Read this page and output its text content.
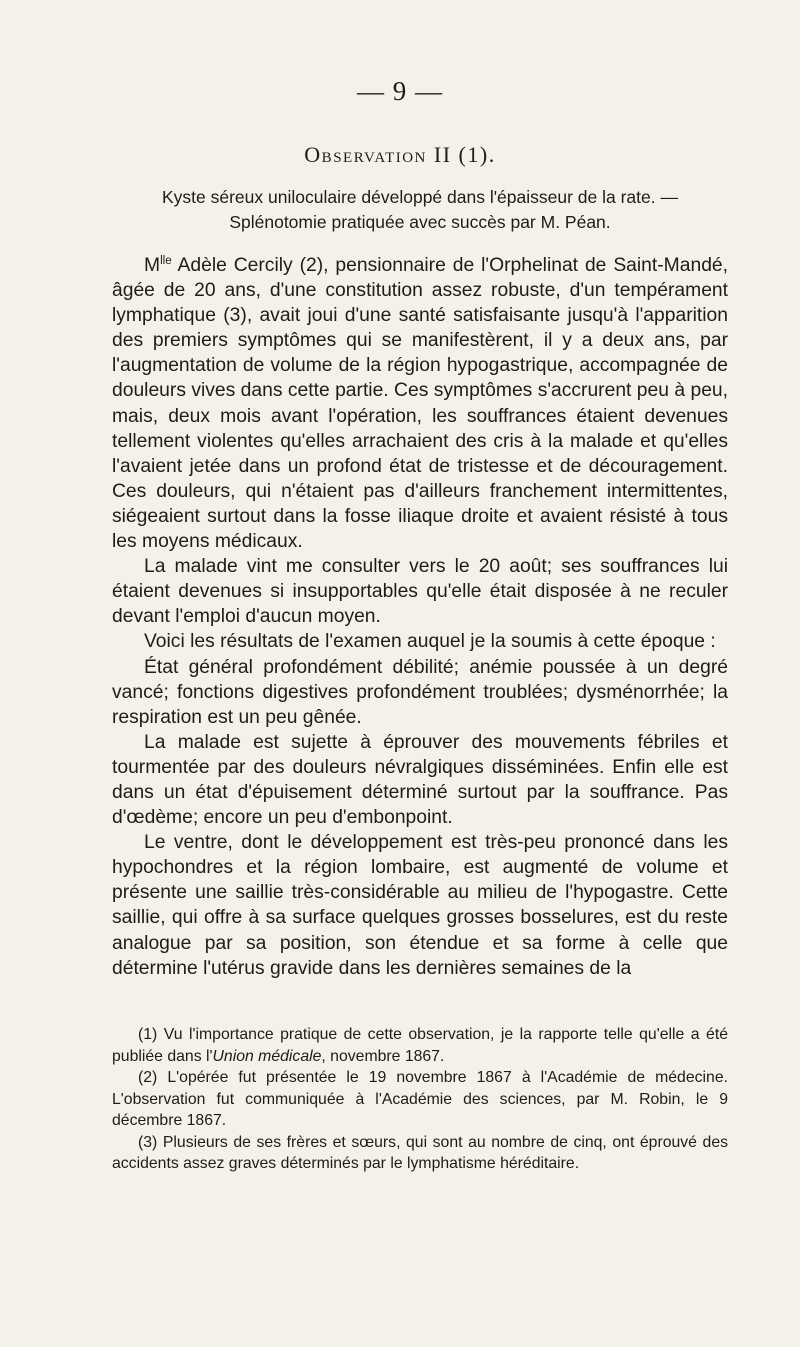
— 9 —
Observation II (1).
Kyste séreux uniloculaire développé dans l'épaisseur de la rate. — Splénotomie pratiquée avec succès par M. Péan.

$M^{lle}$ Adèle Cercily (2), pensionnaire de l'Orphelinat de Saint-Mandé, âgée de 20 ans, d'une constitution assez robuste, d'un tempérament lymphatique (3), avait joui d'une santé satisfaisante jusqu'à l'apparition des premiers symptômes qui se manifestèrent, il y a deux ans, par l'augmentation de volume de la région hypogastrique, accompagnée de douleurs vives dans cette partie. Ces symptômes s'accrurent peu à peu, mais, deux mois avant l'opération, les souffrances étaient devenues tellement violentes qu'elles arrachaient des cris à la malade et qu'elles l'avaient jetée dans un profond état de tristesse et de découragement. Ces douleurs, qui n'étaient pas d'ailleurs franchement intermittentes, siégeaient surtout dans la fosse iliaque droite et avaient résisté à tous les moyens médicaux.

La malade vint me consulter vers le 20 août; ses souffrances lui étaient devenues si insupportables qu'elle était disposée à ne reculer devant l'emploi d'aucun moyen.

Voici les résultats de l'examen auquel je la soumis à cette époque :

État général profondément débilité; anémie poussée à un degré vancé; fonctions digestives profondément troublées; dysménorrhée; la respiration est un peu gênée.

La malade est sujette à éprouver des mouvements fébriles et tourmentée par des douleurs névralgiques disséminées. Enfin elle est dans un état d'épuisement déterminé surtout par la souffrance. Pas d'œdème; encore un peu d'embonpoint.

Le ventre, dont le développement est très-peu prononcé dans les hypochondres et la région lombaire, est augmenté de volume et présente une saillie très-considérable au milieu de l'hypogastre. Cette saillie, qui offre à sa surface quelques grosses bosselures, est du reste analogue par sa position, son étendue et sa forme à celle que détermine l'utérus gravide dans les dernières semaines de la

(1) Vu l'importance pratique de cette observation, je la rapporte telle qu'elle a été publiée dans l'Union médicale, novembre 1867.

(2) L'opérée fut présentée le 19 novembre 1867 à l'Académie de médecine. L'observation fut communiquée à l'Académie des sciences, par M. Robin, le 9 décembre 1867.

(3) Plusieurs de ses frères et sœurs, qui sont au nombre de cinq, ont éprouvé des accidents assez graves déterminés par le lymphatisme héréditaire.
